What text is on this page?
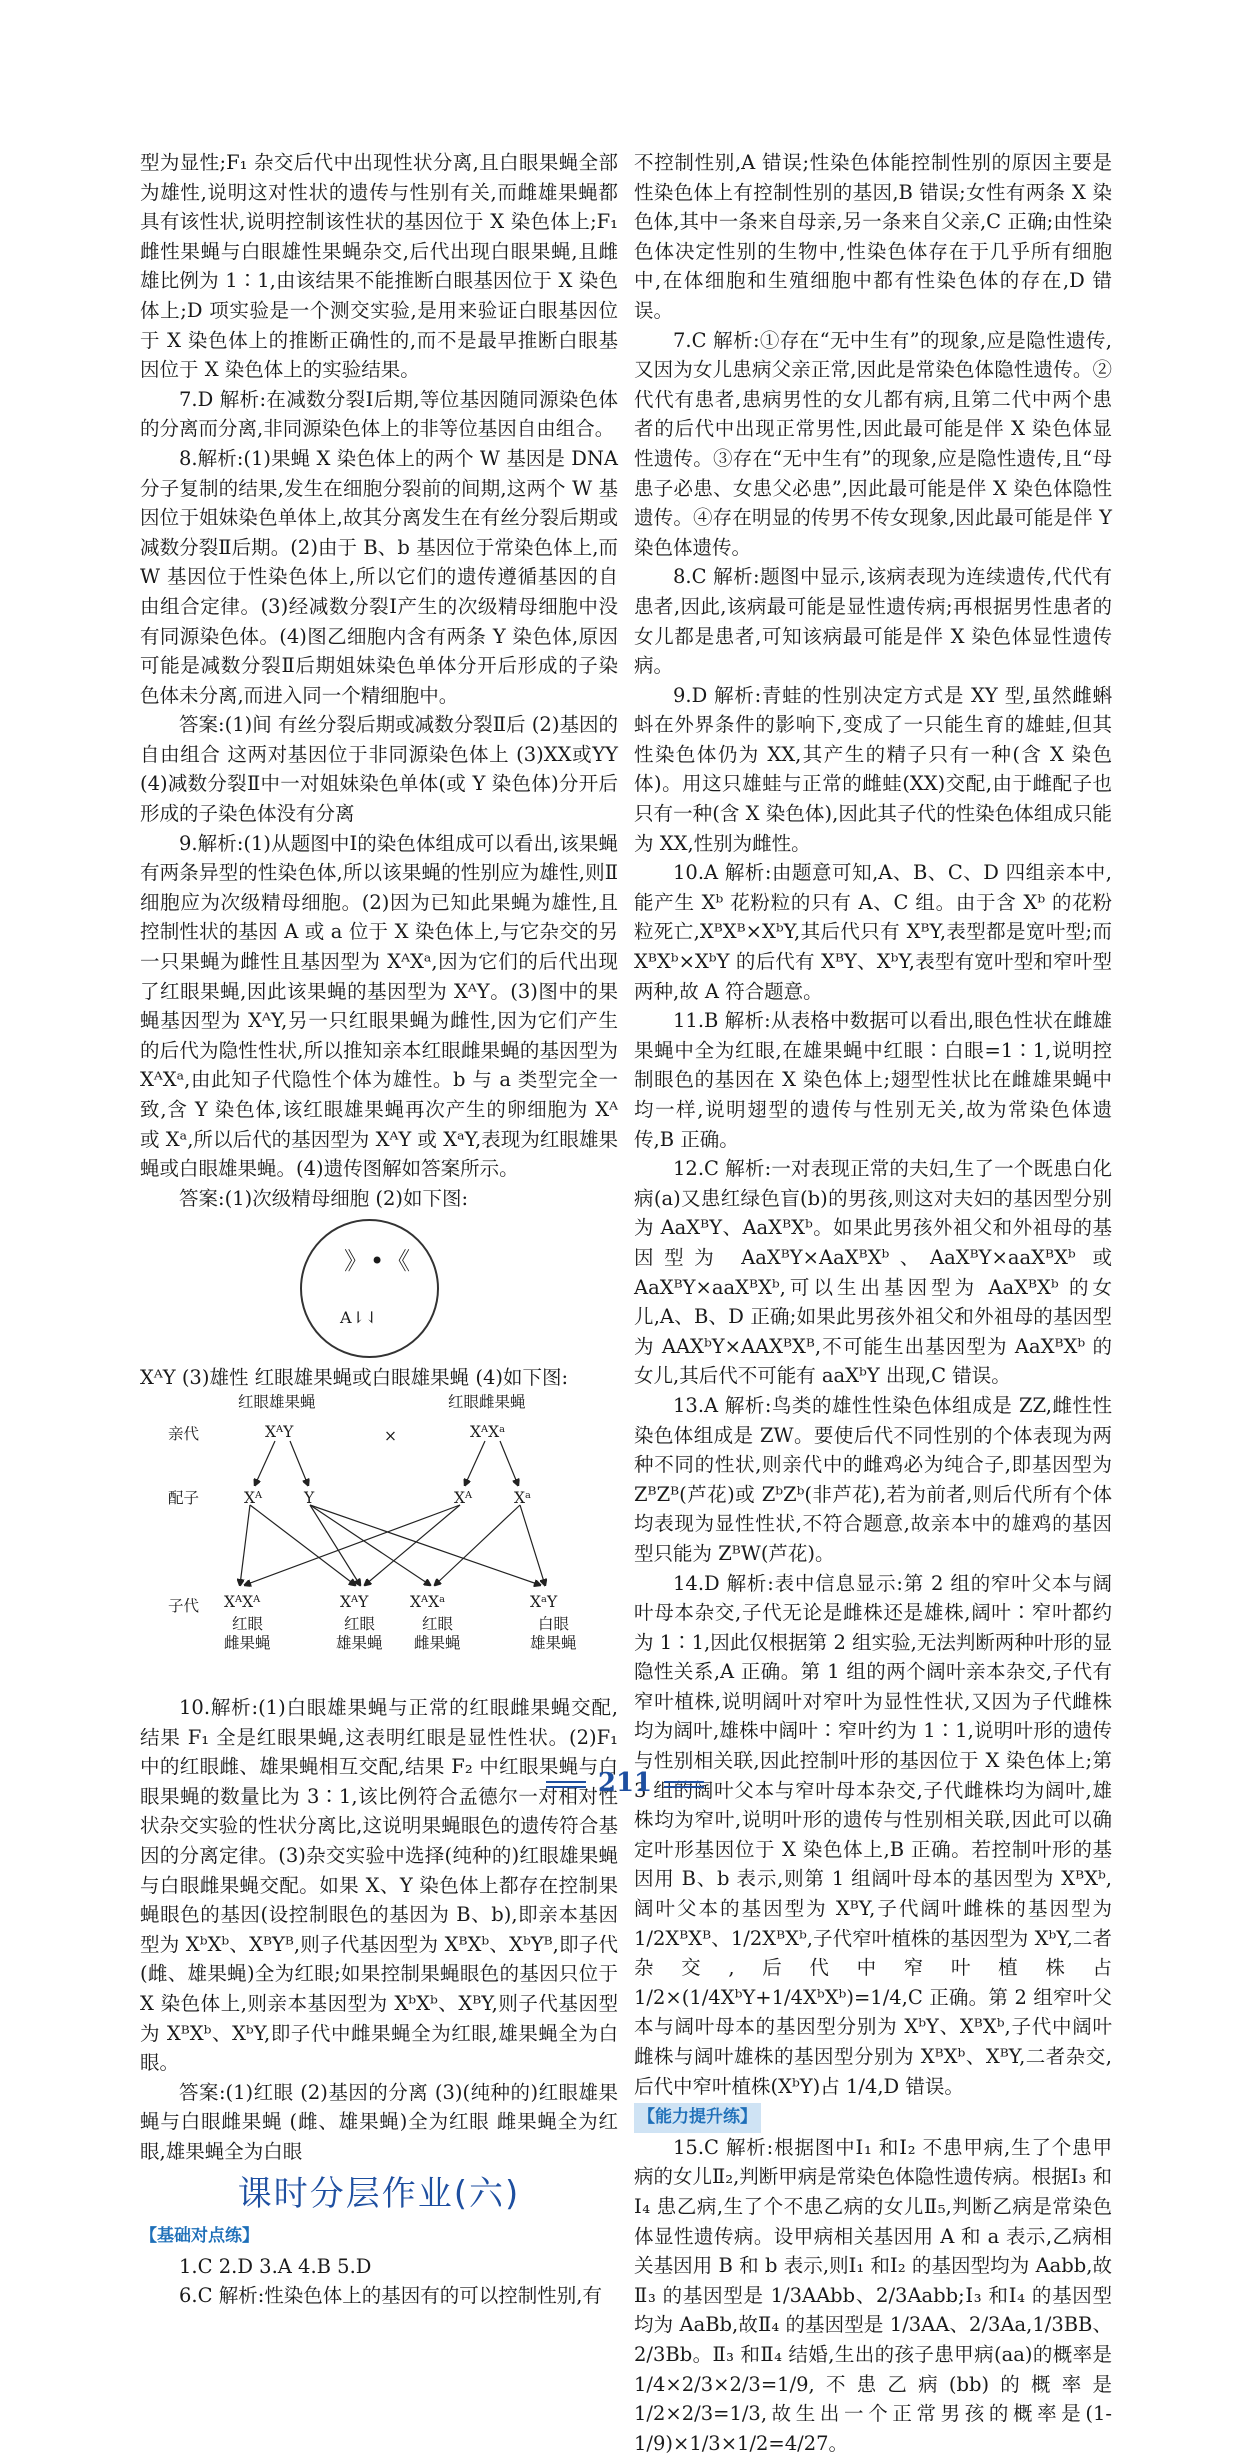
型为显性;F₁ 杂交后代中出现性状分离,且白眼果蝇全部为雄性,说明这对性状的遗传与性别有关,而雌雄果蝇都具有该性状,说明控制该性状的基因位于 X 染色体上;F₁ 雌性果蝇与白眼雄性果蝇杂交,后代出现白眼果蝇,且雌雄比例为 1∶1,由该结果不能推断白眼基因位于 X 染色体上;D 项实验是一个测交实验,是用来验证白眼基因位于 X 染色体上的推断正确性的,而不是最早推断白眼基因位于 X 染色体上的实验结果。

7.D 解析:在减数分裂Ⅰ后期,等位基因随同源染色体的分离而分离,非同源染色体上的非等位基因自由组合。

8.解析:(1)果蝇 X 染色体上的两个 W 基因是 DNA 分子复制的结果,发生在细胞分裂前的间期,这两个 W 基因位于姐妹染色单体上,故其分离发生在有丝分裂后期或减数分裂Ⅱ后期。(2)由于 B、b 基因位于常染色体上,而 W 基因位于性染色体上,所以它们的遗传遵循基因的自由组合定律。(3)经减数分裂Ⅰ产生的次级精母细胞中没有同源染色体。(4)图乙细胞内含有两条 Y 染色体,原因可能是减数分裂Ⅱ后期姐妹染色单体分开后形成的子染色体未分离,而进入同一个精细胞中。

答案:(1)间 有丝分裂后期或减数分裂Ⅱ后 (2)基因的自由组合 这两对基因位于非同源染色体上 (3)XX或YY (4)减数分裂Ⅱ中一对姐妹染色单体(或 Y 染色体)分开后形成的子染色体没有分离

9.解析:(1)从题图中Ⅰ的染色体组成可以看出,该果蝇有两条异型的性染色体,所以该果蝇的性别应为雄性,则Ⅱ细胞应为次级精母细胞。(2)因为已知此果蝇为雄性,且控制性状的基因 A 或 a 位于 X 染色体上,与它杂交的另一只果蝇为雌性且基因型为 XᴬXᵃ,因为它们的后代出现了红眼果蝇,因此该果蝇的基因型为 XᴬY。(3)图中的果蝇基因型为 XᴬY,另一只红眼果蝇为雌性,因为它们产生的后代为隐性性状,所以推知亲本红眼雌果蝇的基因型为 XᴬXᵃ,由此知子代隐性个体为雄性。b 与 a 类型完全一致,含 Y 染色体,该红眼雄果蝇再次产生的卵细胞为 Xᴬ 或 Xᵃ,所以后代的基因型为 XᴬY 或 XᵃY,表现为红眼雄果蝇或白眼雄果蝇。(4)遗传图解如答案所示。

答案:(1)次级精母细胞 (2)如下图:

》•《
A⇂⇃

XᴬY (3)雄性 红眼雄果蝇或白眼雄果蝇 (4)如下图:

红眼雄果蝇	红眼雌果蝇
亲代	XᴬY	×	XᴬXᵃ
配子	Xᴬ	Y	Xᴬ	Xᵃ
子代 XᴬXᴬ	XᴬY	XᴬXᵃ	XᵃY
红眼
雌果蝇
红眼
雄果蝇
红眼
雌果蝇
白眼
雄果蝇

10.解析:(1)白眼雄果蝇与正常的红眼雌果蝇交配,结果 F₁ 全是红眼果蝇,这表明红眼是显性性状。(2)F₁ 中的红眼雌、雄果蝇相互交配,结果 F₂ 中红眼果蝇与白眼果蝇的数量比为 3∶1,该比例符合孟德尔一对相对性状杂交实验的性状分离比,这说明果蝇眼色的遗传符合基因的分离定律。(3)杂交实验中选择(纯种的)红眼雄果蝇与白眼雌果蝇交配。如果 X、Y 染色体上都存在控制果蝇眼色的基因(设控制眼色的基因为 B、b),即亲本基因型为 XᵇXᵇ、XᴮYᴮ,则子代基因型为 XᴮXᵇ、XᵇYᴮ,即子代(雌、雄果蝇)全为红眼;如果控制果蝇眼色的基因只位于 X 染色体上,则亲本基因型为 XᵇXᵇ、XᴮY,则子代基因型为 XᴮXᵇ、XᵇY,即子代中雌果蝇全为红眼,雄果蝇全为白眼。

答案:(1)红眼 (2)基因的分离 (3)(纯种的)红眼雄果蝇与白眼雌果蝇 (雌、雄果蝇)全为红眼 雌果蝇全为红眼,雄果蝇全为白眼

课时分层作业(六)
【基础对点练】

1.C 2.D 3.A 4.B 5.D

6.C 解析:性染色体上的基因有的可以控制性别,有

不控制性别,A 错误;性染色体能控制性别的原因主要是性染色体上有控制性别的基因,B 错误;女性有两条 X 染色体,其中一条来自母亲,另一条来自父亲,C 正确;由性染色体决定性别的生物中,性染色体存在于几乎所有细胞中,在体细胞和生殖细胞中都有性染色体的存在,D 错误。

7.C 解析:①存在“无中生有”的现象,应是隐性遗传,又因为女儿患病父亲正常,因此是常染色体隐性遗传。②代代有患者,患病男性的女儿都有病,且第二代中两个患者的后代中出现正常男性,因此最可能是伴 X 染色体显性遗传。③存在“无中生有”的现象,应是隐性遗传,且“母患子必患、女患父必患”,因此最可能是伴 X 染色体隐性遗传。④存在明显的传男不传女现象,因此最可能是伴 Y 染色体遗传。

8.C 解析:题图中显示,该病表现为连续遗传,代代有患者,因此,该病最可能是显性遗传病;再根据男性患者的女儿都是患者,可知该病最可能是伴 X 染色体显性遗传病。

9.D 解析:青蛙的性别决定方式是 XY 型,虽然雌蝌蚪在外界条件的影响下,变成了一只能生育的雄蛙,但其性染色体仍为 XX,其产生的精子只有一种(含 X 染色体)。用这只雄蛙与正常的雌蛙(XX)交配,由于雌配子也只有一种(含 X 染色体),因此其子代的性染色体组成只能为 XX,性别为雌性。

10.A 解析:由题意可知,A、B、C、D 四组亲本中,能产生 Xᵇ 花粉粒的只有 A、C 组。由于含 Xᵇ 的花粉粒死亡,XᴮXᴮ×XᵇY,其后代只有 XᴮY,表型都是宽叶型;而 XᴮXᵇ×XᵇY 的后代有 XᴮY、XᵇY,表型有宽叶型和窄叶型两种,故 A 符合题意。

11.B 解析:从表格中数据可以看出,眼色性状在雌雄果蝇中全为红眼,在雄果蝇中红眼∶白眼=1∶1,说明控制眼色的基因在 X 染色体上;翅型性状比在雌雄果蝇中均一样,说明翅型的遗传与性别无关,故为常染色体遗传,B 正确。

12.C 解析:一对表现正常的夫妇,生了一个既患白化病(a)又患红绿色盲(b)的男孩,则这对夫妇的基因型分别为 AaXᴮY、AaXᴮXᵇ。如果此男孩外祖父和外祖母的基因型为 AaXᴮY×AaXᴮXᵇ、AaXᴮY×aaXᴮXᵇ 或 AaXᴮY×aaXᴮXᵇ,可以生出基因型为 AaXᴮXᵇ 的女儿,A、B、D 正确;如果此男孩外祖父和外祖母的基因型为 AAXᵇY×AAXᴮXᴮ,不可能生出基因型为 AaXᴮXᵇ 的女儿,其后代不可能有 aaXᵇY 出现,C 错误。

13.A 解析:鸟类的雄性性染色体组成是 ZZ,雌性性染色体组成是 ZW。要使后代不同性别的个体表现为两种不同的性状,则亲代中的雌鸡必为纯合子,即基因型为 ZᴮZᴮ(芦花)或 ZᵇZᵇ(非芦花),若为前者,则后代所有个体均表现为显性性状,不符合题意,故亲本中的雄鸡的基因型只能为 ZᴮW(芦花)。

14.D 解析:表中信息显示:第 2 组的窄叶父本与阔叶母本杂交,子代无论是雌株还是雄株,阔叶∶窄叶都约为 1∶1,因此仅根据第 2 组实验,无法判断两种叶形的显隐性关系,A 正确。第 1 组的两个阔叶亲本杂交,子代有窄叶植株,说明阔叶对窄叶为显性性状,又因为子代雌株均为阔叶,雄株中阔叶∶窄叶约为 1∶1,说明叶形的遗传与性别相关联,因此控制叶形的基因位于 X 染色体上;第 3 组的阔叶父本与窄叶母本杂交,子代雌株均为阔叶,雄株均为窄叶,说明叶形的遗传与性别相关联,因此可以确定叶形基因位于 X 染色体上,B 正确。若控制叶形的基因用 B、b 表示,则第 1 组阔叶母本的基因型为 XᴮXᵇ,阔叶父本的基因型为 XᴮY,子代阔叶雌株的基因型为 1/2XᴮXᴮ、1/2XᴮXᵇ,子代窄叶植株的基因型为 XᵇY,二者杂交,后代中窄叶植株占 1/2×(1/4XᵇY+1/4XᵇXᵇ)=1/4,C 正确。第 2 组窄叶父本与阔叶母本的基因型分别为 XᵇY、XᴮXᵇ,子代中阔叶雌株与阔叶雄株的基因型分别为 XᴮXᵇ、XᴮY,二者杂交,后代中窄叶植株(XᵇY)占 1/4,D 错误。

【能力提升练】

15.C 解析:根据图中Ⅰ₁ 和Ⅰ₂ 不患甲病,生了个患甲病的女儿Ⅱ₂,判断甲病是常染色体隐性遗传病。根据Ⅰ₃ 和Ⅰ₄ 患乙病,生了个不患乙病的女儿Ⅱ₅,判断乙病是常染色体显性遗传病。设甲病相关基因用 A 和 a 表示,乙病相关基因用 B 和 b 表示,则Ⅰ₁ 和Ⅰ₂ 的基因型均为 Aabb,故Ⅱ₃ 的基因型是 1/3AAbb、2/3Aabb;Ⅰ₃ 和Ⅰ₄ 的基因型均为 AaBb,故Ⅱ₄ 的基因型是 1/3AA、2/3Aa,1/3BB、2/3Bb。Ⅱ₃ 和Ⅱ₄ 结婚,生出的孩子患甲病(aa)的概率是 1/4×2/3×2/3=1/9,不患乙病(bb)的概率是 1/2×2/3=1/3,故生出一个正常男孩的概率是(1-1/9)×1/3×1/2=4/27。

211
